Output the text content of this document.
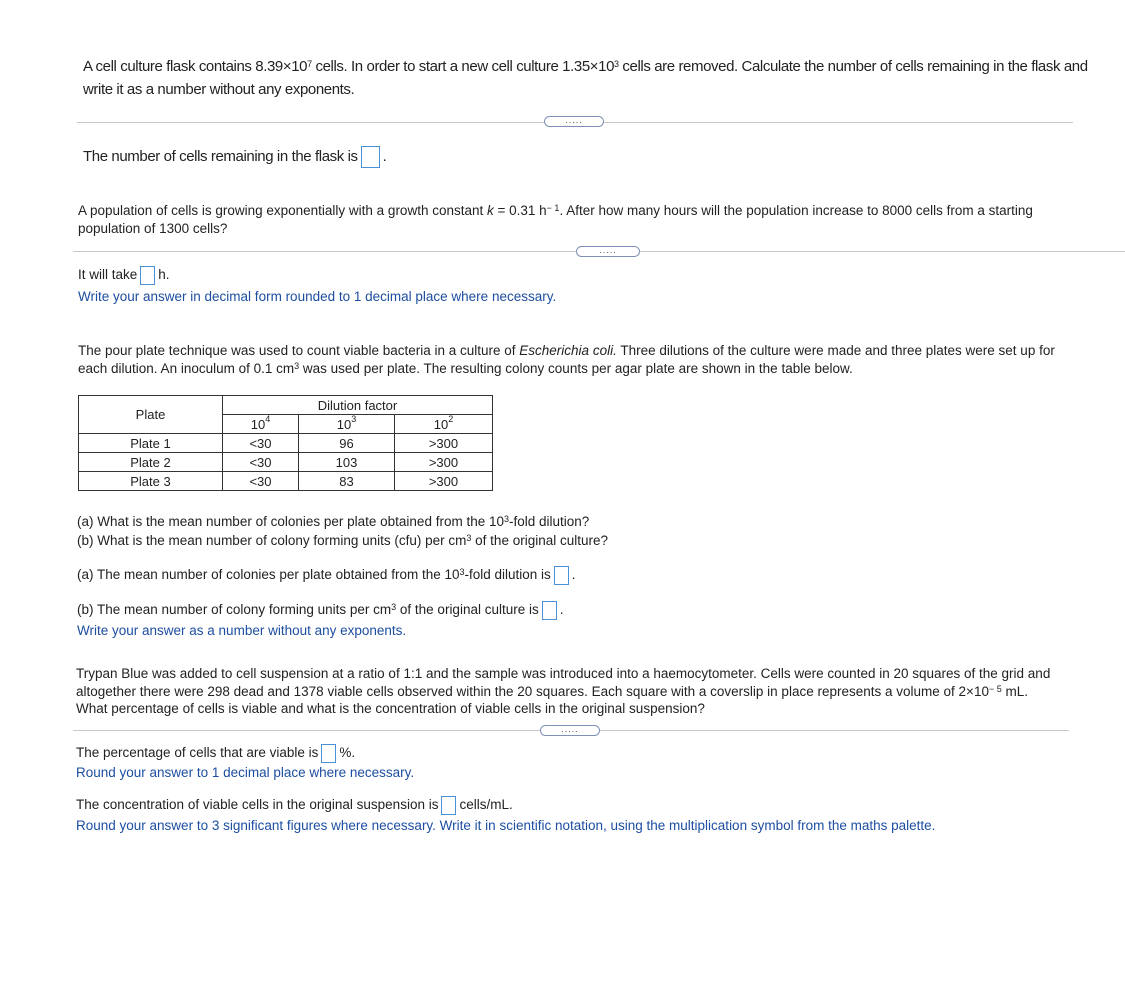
A cell culture flask contains $8.39\times 10^7$ cells. In order to start a new cell culture $1.35\times 10^3$ cells are removed. Calculate the number of cells remaining in the flask and

write it as a number without any exponents.

.....

The number of cells remaining in the flask is .

A population of cells is growing exponentially with a growth constant k = 0.31 $h^{- 1}$. After how many hours will the population increase to 8000 cells from a starting

population of 1300 cells?

.....

It will take h.

Write your answer in decimal form rounded to 1 decimal place where necessary.

The pour plate technique was used to count viable bacteria in a culture of Escherichia coli. Three dilutions of the culture were made and three plates were set up for

each dilution. An inoculum of 0.1 $cm^3$ was used per plate. The resulting colony counts per agar plate are shown in the table below.

Plate	Dilution factor		
	$10^4$	$10^3$	$10^2$
Plate 1	<30	96	>300
Plate 2	<30	103	>300
Plate 3	<30	83	>300

(a) What is the mean number of colonies per plate obtained from the $10^3$-fold dilution?

(b) What is the mean number of colony forming units (cfu) per $cm^3$ of the original culture?

(a) The mean number of colonies per plate obtained from the $10^3$-fold dilution is .

(b) The mean number of colony forming units per $cm^3$ of the original culture is .

Write your answer as a number without any exponents.

Trypan Blue was added to cell suspension at a ratio of 1:1 and the sample was introduced into a haemocytometer. Cells were counted in 20 squares of the grid and

altogether there were 298 dead and 1378 viable cells observed within the 20 squares. Each square with a coverslip in place represents a volume of $2\times 10^{- 5}$ mL.

What percentage of cells is viable and what is the concentration of viable cells in the original suspension?

.....

The percentage of cells that are viable is %.

Round your answer to 1 decimal place where necessary.

The concentration of viable cells in the original suspension is cells/mL.

Round your answer to 3 significant figures where necessary. Write it in scientific notation, using the multiplication symbol from the maths palette.
